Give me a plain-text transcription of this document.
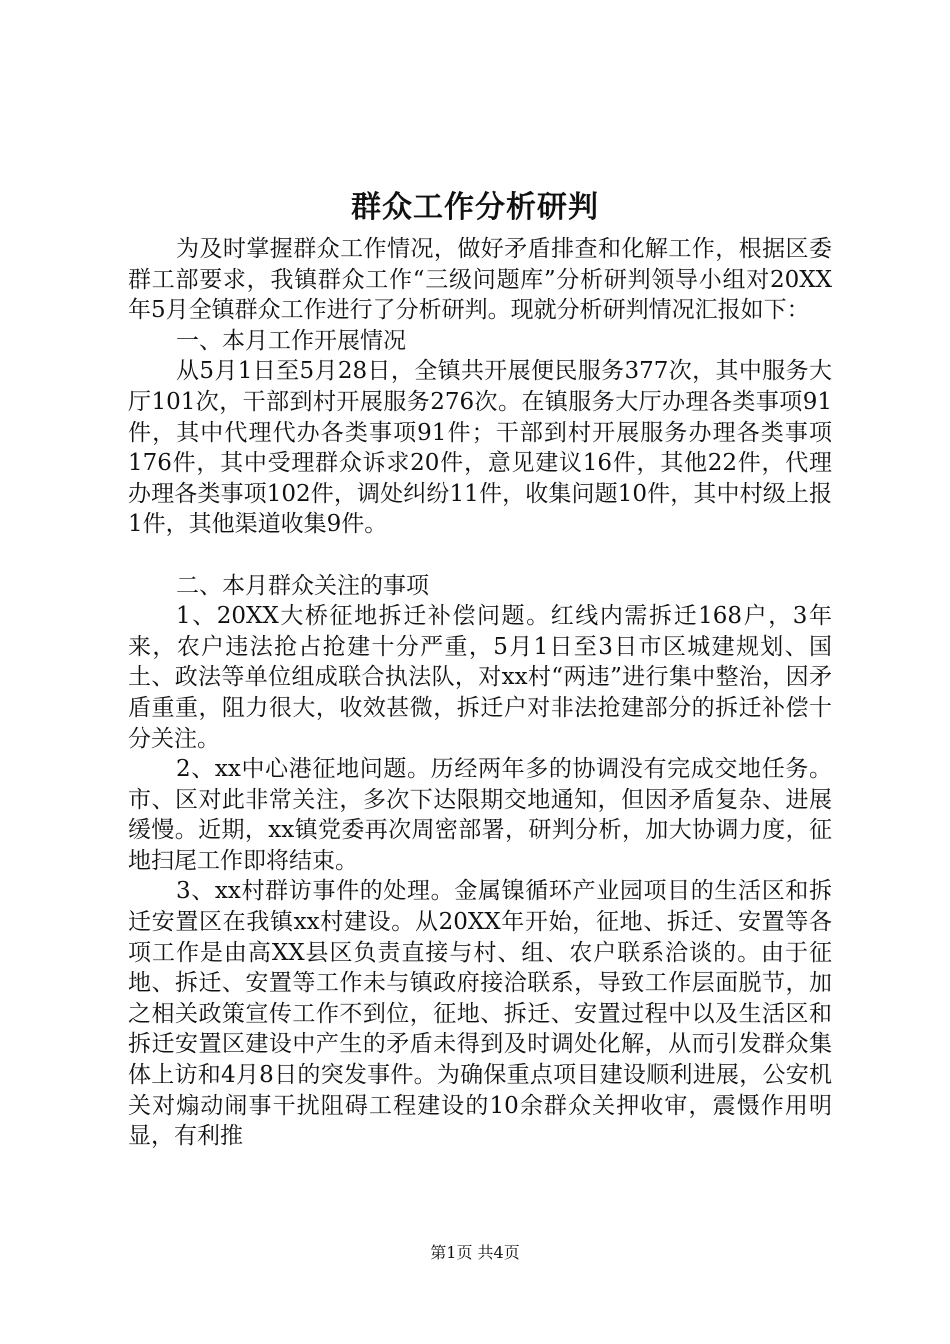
群众工作分析研判

为及时掌握群众工作情况，做好矛盾排查和化解工作，根据区委群工部要求，我镇群众工作“三级问题库”分析研判领导小组对20XX年5月全镇群众工作进行了分析研判。现就分析研判情况汇报如下：

一、本月工作开展情况

从5月1日至5月28日，全镇共开展便民服务377次，其中服务大厅101次，干部到村开展服务276次。在镇服务大厅办理各类事项91件，其中代理代办各类事项91件；干部到村开展服务办理各类事项176件，其中受理群众诉求20件，意见建议16件，其他22件，代理办理各类事项102件，调处纠纷11件，收集问题10件，其中村级上报1件，其他渠道收集9件。

二、本月群众关注的事项

1、20XX大桥征地拆迁补偿问题。红线内需拆迁168户，3年来，农户违法抢占抢建十分严重，5月1日至3日市区城建规划、国土、政法等单位组成联合执法队，对xx村“两违”进行集中整治，因矛盾重重，阻力很大，收效甚微，拆迁户对非法抢建部分的拆迁补偿十分关注。

2、xx中心港征地问题。历经两年多的协调没有完成交地任务。市、区对此非常关注，多次下达限期交地通知，但因矛盾复杂、进展缓慢。近期，xx镇党委再次周密部署，研判分析，加大协调力度，征地扫尾工作即将结束。

3、xx村群访事件的处理。金属镍循环产业园项目的生活区和拆迁安置区在我镇xx村建设。从20XX年开始，征地、拆迁、安置等各项工作是由高XX县区负责直接与村、组、农户联系洽谈的。由于征地、拆迁、安置等工作未与镇政府接洽联系，导致工作层面脱节，加之相关政策宣传工作不到位，征地、拆迁、安置过程中以及生活区和拆迁安置区建设中产生的矛盾未得到及时调处化解，从而引发群众集体上访和4月8日的突发事件。为确保重点项目建设顺利进展，公安机关对煽动闹事干扰阻碍工程建设的10余群众关押收审，震慑作用明显，有利推

第1页 共4页
